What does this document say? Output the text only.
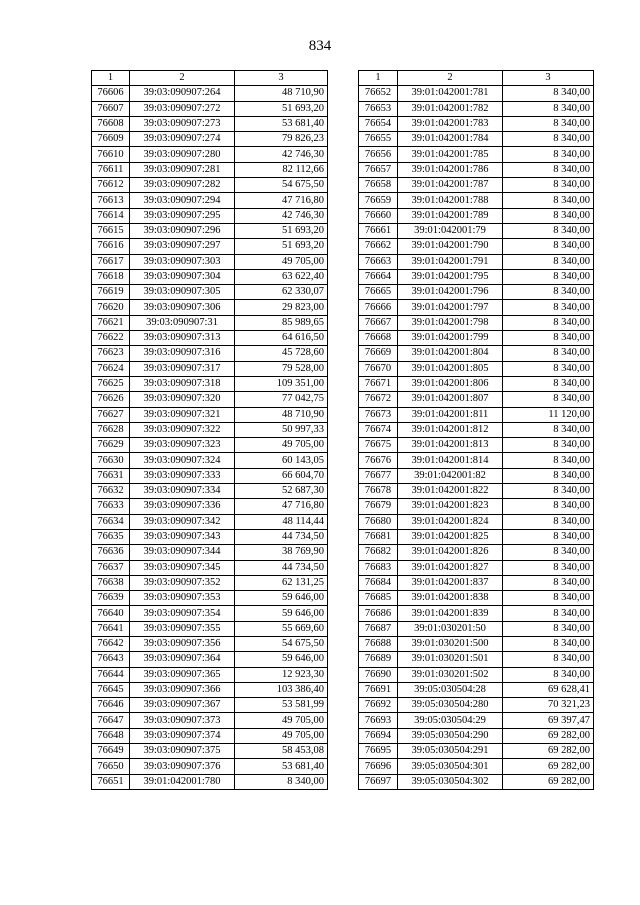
834
1	2	3
76606	39:03:090907:264	48 710,90
76607	39:03:090907:272	51 693,20
76608	39:03:090907:273	53 681,40
76609	39:03:090907:274	79 826,23
76610	39:03:090907:280	42 746,30
76611	39:03:090907:281	82 112,66
76612	39:03:090907:282	54 675,50
76613	39:03:090907:294	47 716,80
76614	39:03:090907:295	42 746,30
76615	39:03:090907:296	51 693,20
76616	39:03:090907:297	51 693,20
76617	39:03:090907:303	49 705,00
76618	39:03:090907:304	63 622,40
76619	39:03:090907:305	62 330,07
76620	39:03:090907:306	29 823,00
76621	39:03:090907:31	85 989,65
76622	39:03:090907:313	64 616,50
76623	39:03:090907:316	45 728,60
76624	39:03:090907:317	79 528,00
76625	39:03:090907:318	109 351,00
76626	39:03:090907:320	77 042,75
76627	39:03:090907:321	48 710,90
76628	39:03:090907:322	50 997,33
76629	39:03:090907:323	49 705,00
76630	39:03:090907:324	60 143,05
76631	39:03:090907:333	66 604,70
76632	39:03:090907:334	52 687,30
76633	39:03:090907:336	47 716,80
76634	39:03:090907:342	48 114,44
76635	39:03:090907:343	44 734,50
76636	39:03:090907:344	38 769,90
76637	39:03:090907:345	44 734,50
76638	39:03:090907:352	62 131,25
76639	39:03:090907:353	59 646,00
76640	39:03:090907:354	59 646,00
76641	39:03:090907:355	55 669,60
76642	39:03:090907:356	54 675,50
76643	39:03:090907:364	59 646,00
76644	39:03:090907:365	12 923,30
76645	39:03:090907:366	103 386,40
76646	39:03:090907:367	53 581,99
76647	39:03:090907:373	49 705,00
76648	39:03:090907:374	49 705,00
76649	39:03:090907:375	58 453,08
76650	39:03:090907:376	53 681,40
76651	39:01:042001:780	8 340,00
1	2	3
76652	39:01:042001:781	8 340,00
76653	39:01:042001:782	8 340,00
76654	39:01:042001:783	8 340,00
76655	39:01:042001:784	8 340,00
76656	39:01:042001:785	8 340,00
76657	39:01:042001:786	8 340,00
76658	39:01:042001:787	8 340,00
76659	39:01:042001:788	8 340,00
76660	39:01:042001:789	8 340,00
76661	39:01:042001:79	8 340,00
76662	39:01:042001:790	8 340,00
76663	39:01:042001:791	8 340,00
76664	39:01:042001:795	8 340,00
76665	39:01:042001:796	8 340,00
76666	39:01:042001:797	8 340,00
76667	39:01:042001:798	8 340,00
76668	39:01:042001:799	8 340,00
76669	39:01:042001:804	8 340,00
76670	39:01:042001:805	8 340,00
76671	39:01:042001:806	8 340,00
76672	39:01:042001:807	8 340,00
76673	39:01:042001:811	11 120,00
76674	39:01:042001:812	8 340,00
76675	39:01:042001:813	8 340,00
76676	39:01:042001:814	8 340,00
76677	39:01:042001:82	8 340,00
76678	39:01:042001:822	8 340,00
76679	39:01:042001:823	8 340,00
76680	39:01:042001:824	8 340,00
76681	39:01:042001:825	8 340,00
76682	39:01:042001:826	8 340,00
76683	39:01:042001:827	8 340,00
76684	39:01:042001:837	8 340,00
76685	39:01:042001:838	8 340,00
76686	39:01:042001:839	8 340,00
76687	39:01:030201:50	8 340,00
76688	39:01:030201:500	8 340,00
76689	39:01:030201:501	8 340,00
76690	39:01:030201:502	8 340,00
76691	39:05:030504:28	69 628,41
76692	39:05:030504:280	70 321,23
76693	39:05:030504:29	69 397,47
76694	39:05:030504:290	69 282,00
76695	39:05:030504:291	69 282,00
76696	39:05:030504:301	69 282,00
76697	39:05:030504:302	69 282,00
